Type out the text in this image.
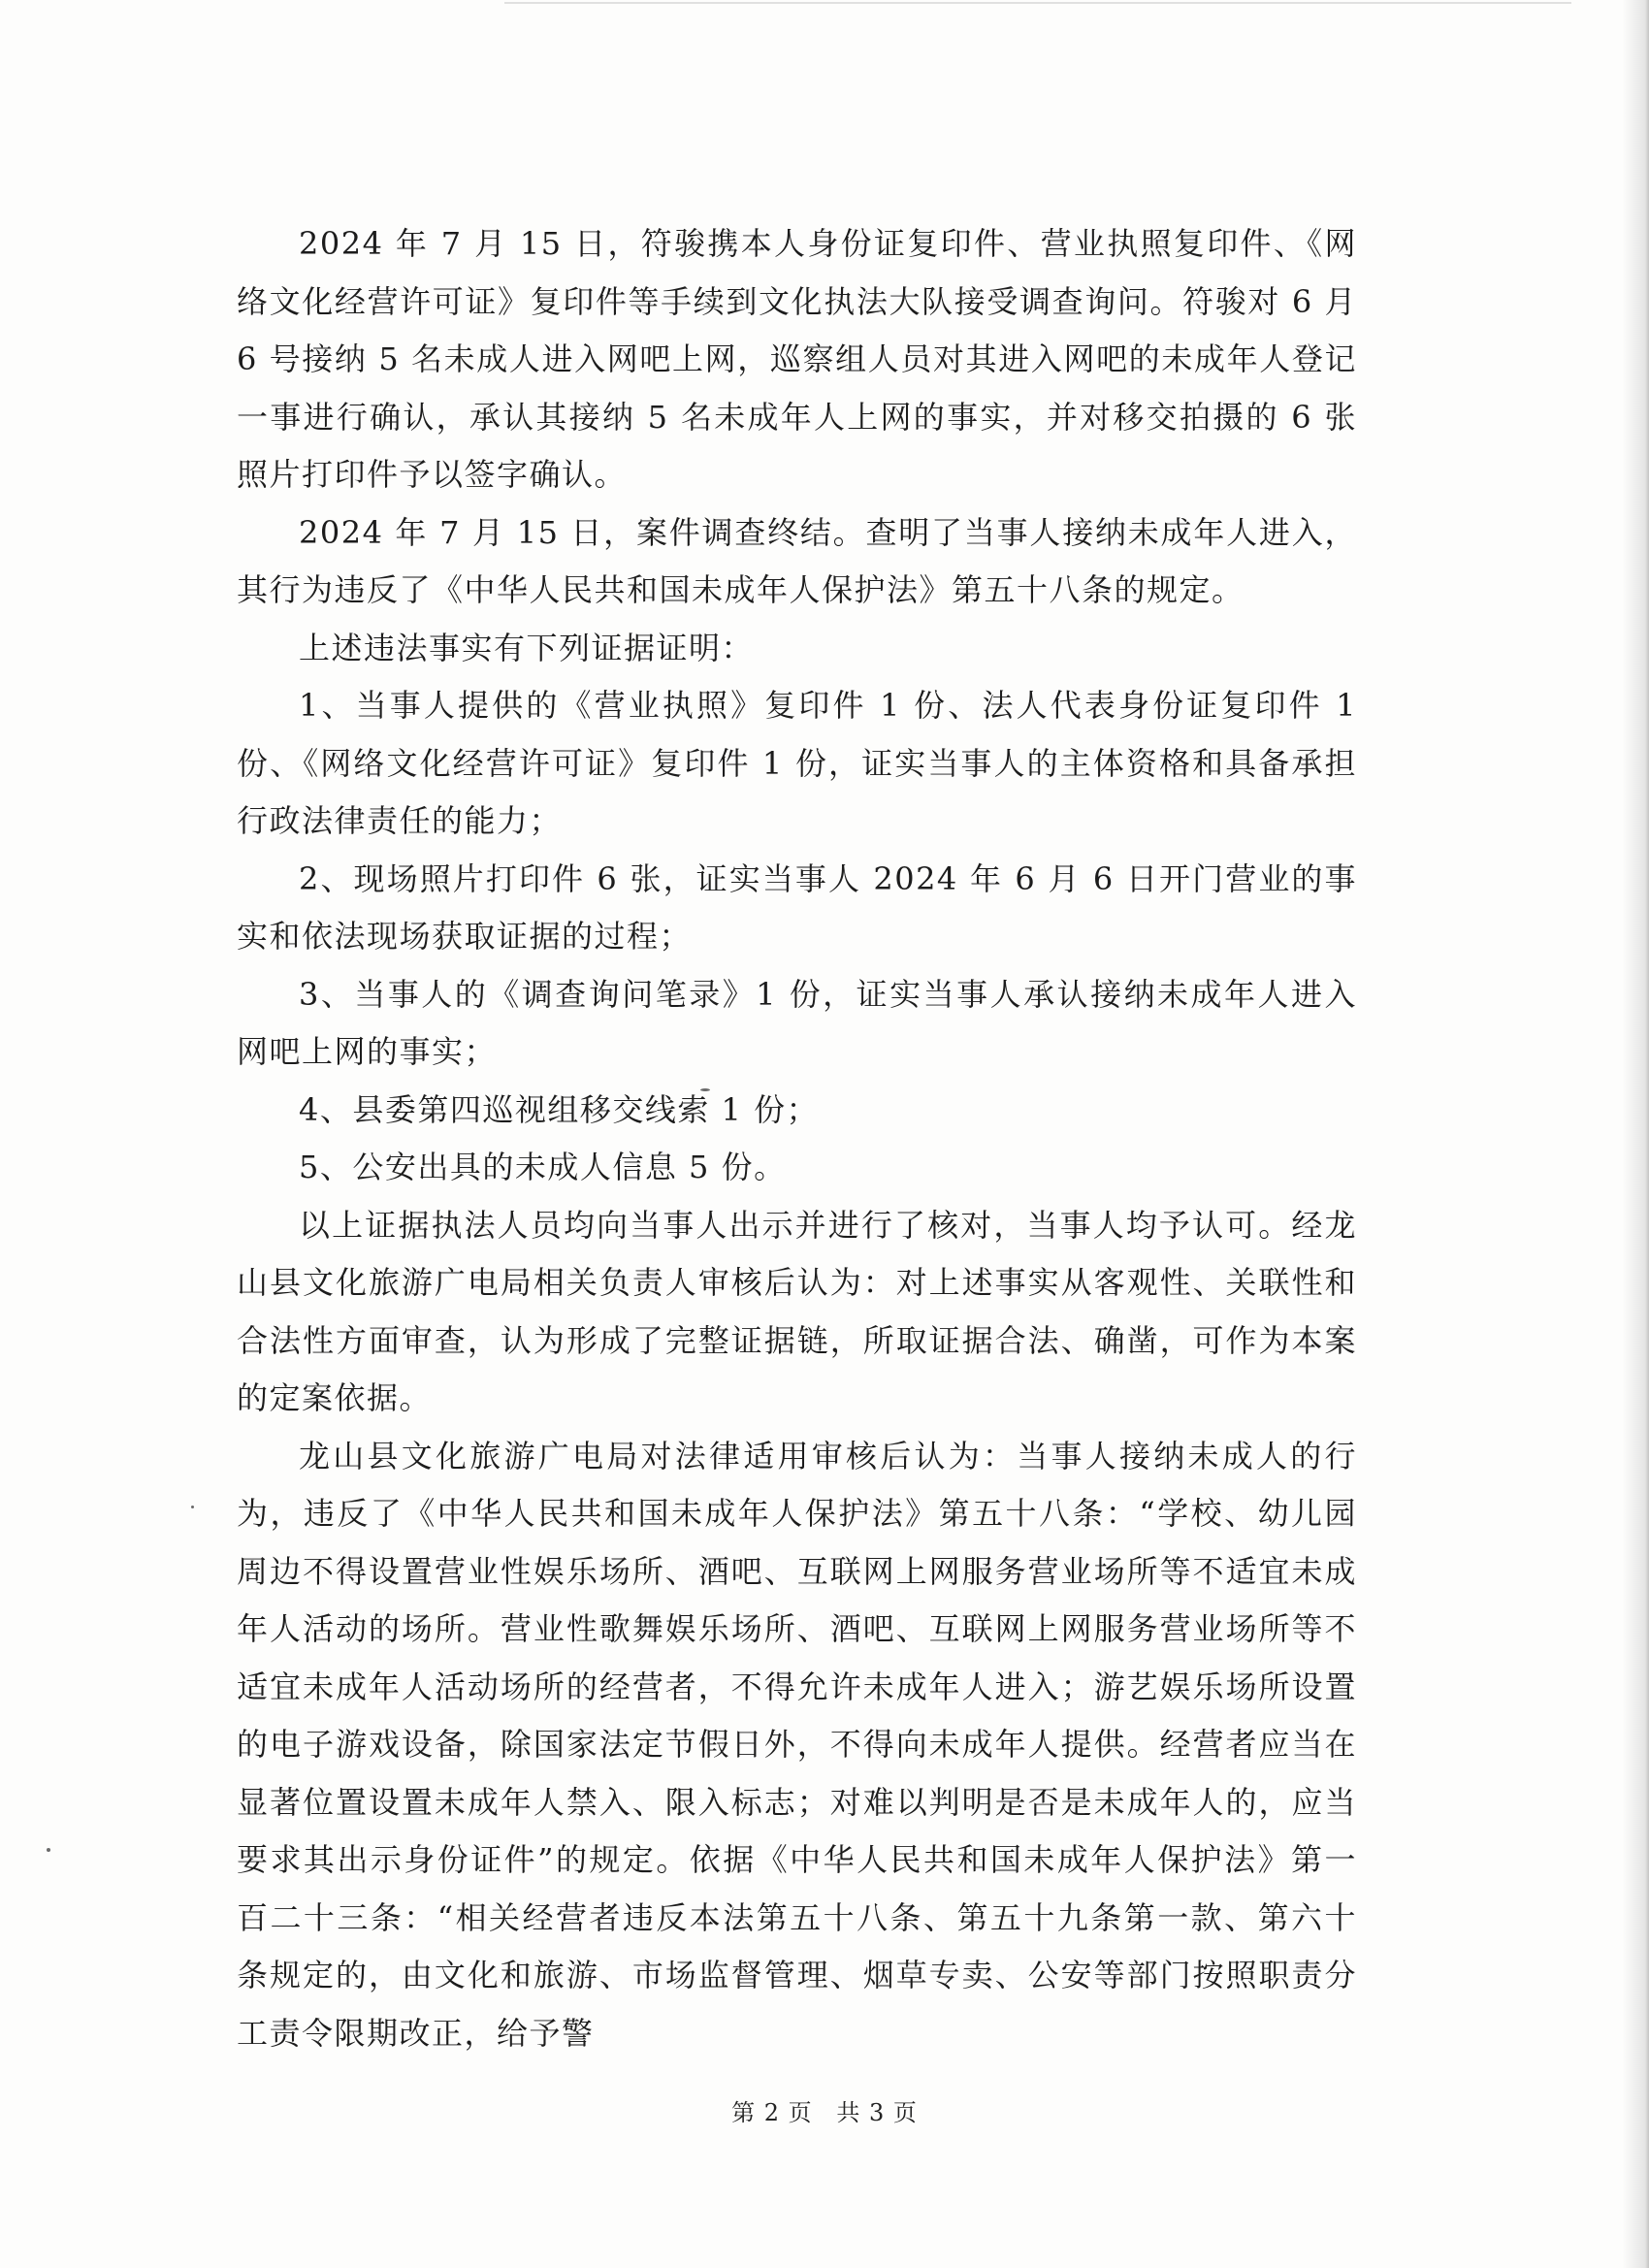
2024 年 7 月 15 日，符骏携本人身份证复印件、营业执照复印件、《网络文化经营许可证》复印件等手续到文化执法大队接受调查询问。符骏对 6 月 6 号接纳 5 名未成人进入网吧上网，巡察组人员对其进入网吧的未成年人登记一事进行确认，承认其接纳 5 名未成年人上网的事实，并对移交拍摄的 6 张照片打印件予以签字确认。

2024 年 7 月 15 日，案件调查终结。查明了当事人接纳未成年人进入，其行为违反了《中华人民共和国未成年人保护法》第五十八条的规定。

上述违法事实有下列证据证明：

1、当事人提供的《营业执照》复印件 1 份、法人代表身份证复印件 1 份、《网络文化经营许可证》复印件 1 份，证实当事人的主体资格和具备承担行政法律责任的能力；

2、现场照片打印件 6 张，证实当事人 2024 年 6 月 6 日开门营业的事实和依法现场获取证据的过程；

3、当事人的《调查询问笔录》1 份，证实当事人承认接纳未成年人进入网吧上网的事实；

4、县委第四巡视组移交线索 1 份；

5、公安出具的未成人信息 5 份。

以上证据执法人员均向当事人出示并进行了核对，当事人均予认可。经龙山县文化旅游广电局相关负责人审核后认为：对上述事实从客观性、关联性和合法性方面审查，认为形成了完整证据链，所取证据合法、确凿，可作为本案的定案依据。

龙山县文化旅游广电局对法律适用审核后认为：当事人接纳未成人的行为，违反了《中华人民共和国未成年人保护法》第五十八条：“学校、幼儿园周边不得设置营业性娱乐场所、酒吧、互联网上网服务营业场所等不适宜未成年人活动的场所。营业性歌舞娱乐场所、酒吧、互联网上网服务营业场所等不适宜未成年人活动场所的经营者，不得允许未成年人进入；游艺娱乐场所设置的电子游戏设备，除国家法定节假日外，不得向未成年人提供。经营者应当在显著位置设置未成年人禁入、限入标志；对难以判明是否是未成年人的，应当要求其出示身份证件”的规定。依据《中华人民共和国未成年人保护法》第一百二十三条：“相关经营者违反本法第五十八条、第五十九条第一款、第六十条规定的，由文化和旅游、市场监督管理、烟草专卖、公安等部门按照职责分工责令限期改正，给予警

第 2 页 共 3 页
